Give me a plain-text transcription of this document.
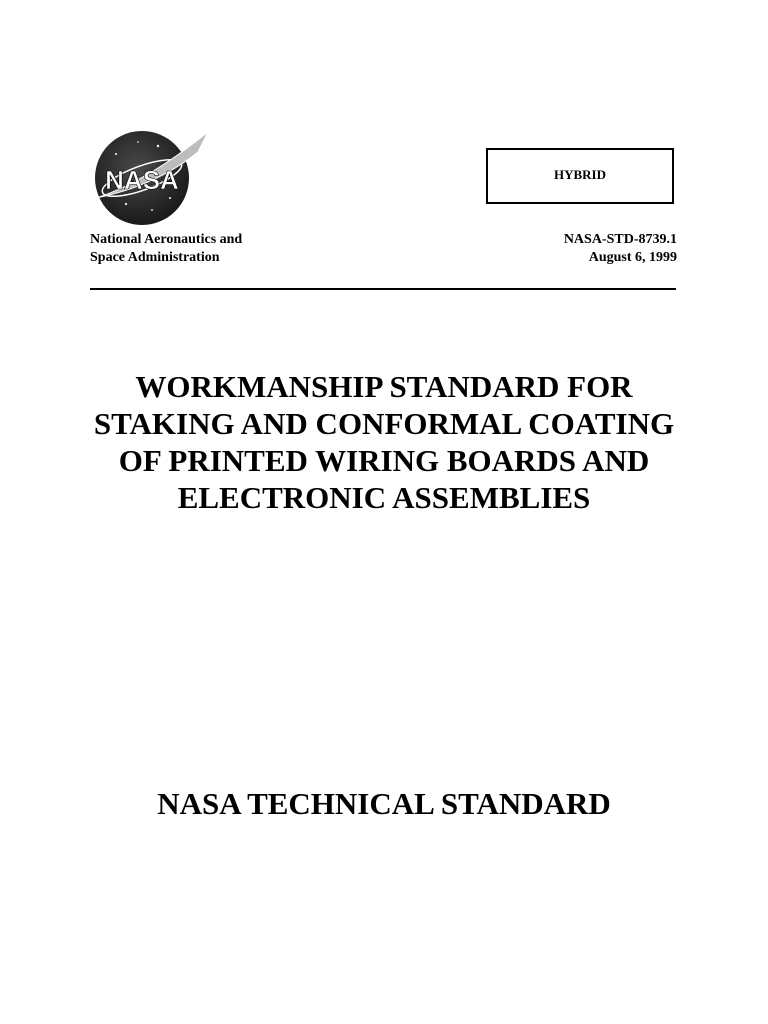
NASA
National Aeronautics and
Space Administration
HYBRID
NASA-STD-8739.1
August 6, 1999
WORKMANSHIP STANDARD FOR
STAKING AND CONFORMAL COATING
OF PRINTED WIRING BOARDS AND
ELECTRONIC ASSEMBLIES
NASA TECHNICAL STANDARD
